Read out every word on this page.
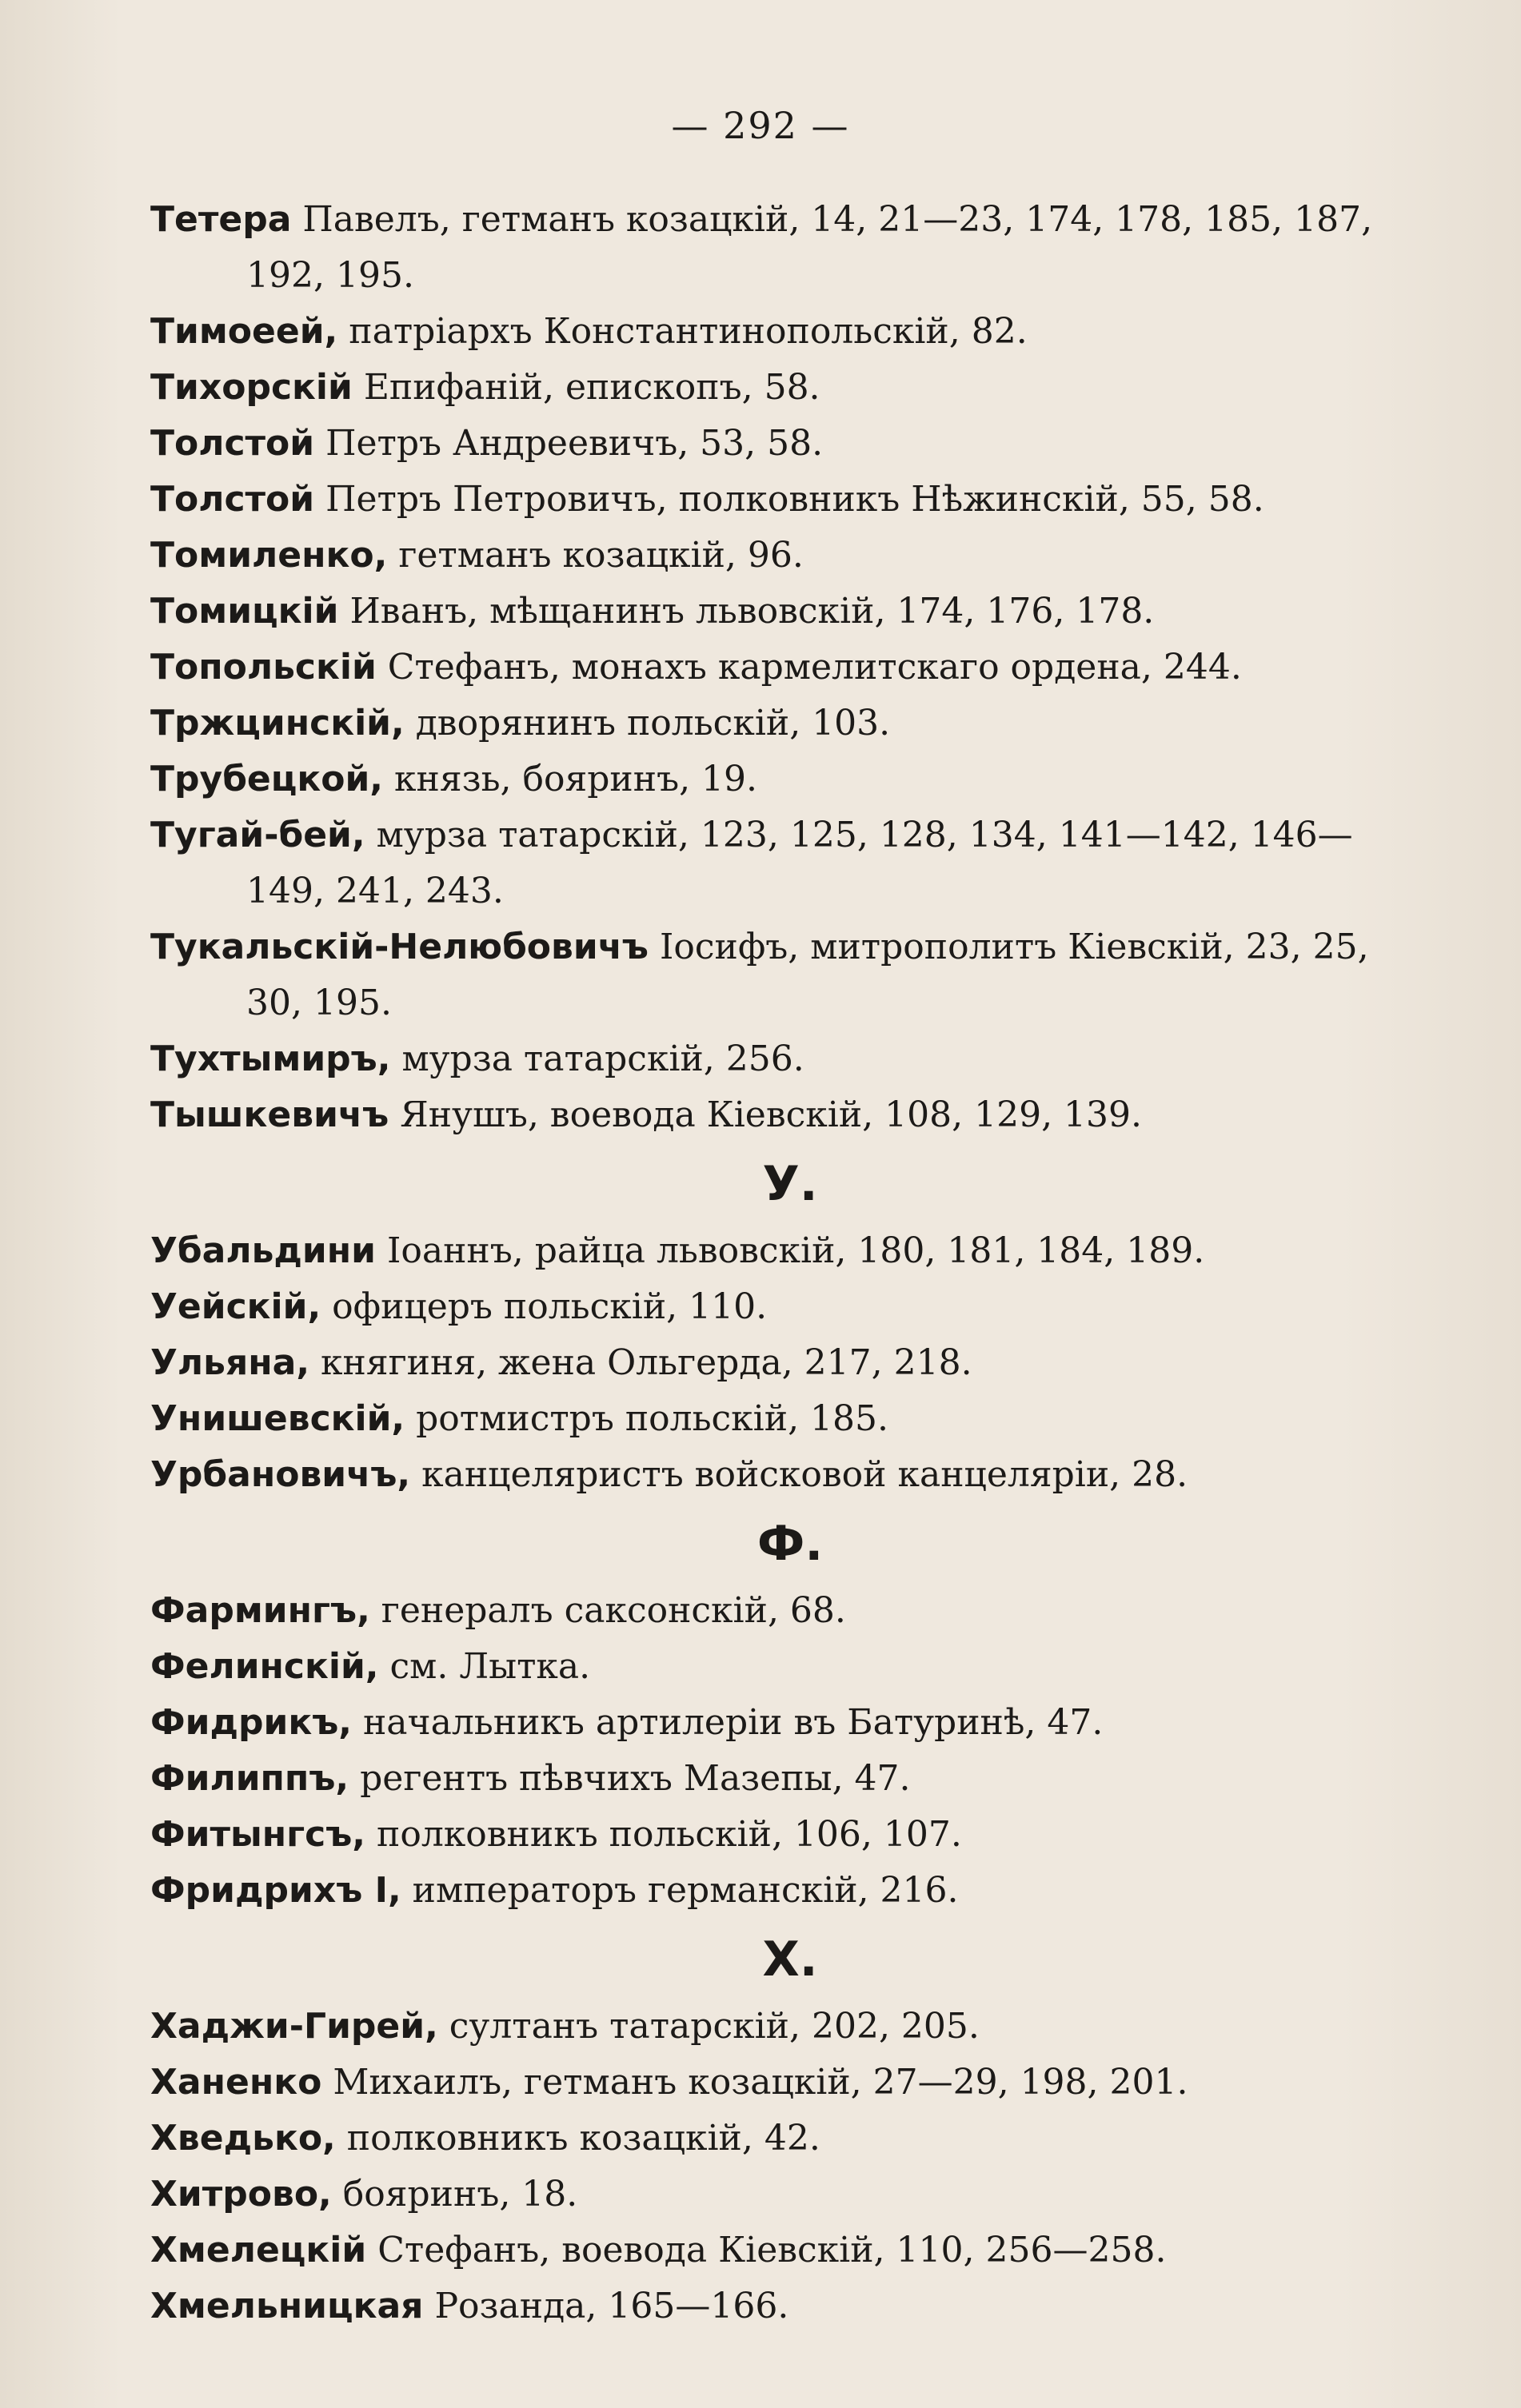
— 292 —
Тетера Павелъ, гетманъ козацкій, 14, 21—23, 174, 178, 185, 187,
192, 195.
Тимоеей, патріархъ Константинопольскій, 82.
Тихорскій Епифаній, епископъ, 58.
Толстой Петръ Андреевичъ, 53, 58.
Толстой Петръ Петровичъ, полковникъ Нѣжинскій, 55, 58.
Томиленко, гетманъ козацкій, 96.
Томицкій Иванъ, мѣщанинъ львовскій, 174, 176, 178.
Топольскій Стефанъ, монахъ кармелитскаго ордена, 244.
Тржцинскій, дворянинъ польскій, 103.
Трубецкой, князь, бояринъ, 19.
Тугай-бей, мурза татарскій, 123, 125, 128, 134, 141—142, 146—
149, 241, 243.
Тукальскій-Нелюбовичъ Іосифъ, митрополитъ Кіевскій, 23, 25,
30, 195.
Тухтымиръ, мурза татарскій, 256.
Тышкевичъ Янушъ, воевода Кіевскій, 108, 129, 139.
У.
Убальдини Іоаннъ, райца львовскій, 180, 181, 184, 189.
Уейскій, офицеръ польскій, 110.
Ульяна, княгиня, жена Ольгерда, 217, 218.
Унишевскій, ротмистръ польскій, 185.
Урбановичъ, канцеляристъ войсковой канцеляріи, 28.
Ф.
Фармингъ, генералъ саксонскій, 68.
Фелинскій, см. Лытка.
Фидрикъ, начальникъ артилеріи въ Батуринѣ, 47.
Филиппъ, регентъ пѣвчихъ Мазепы, 47.
Фитынгсъ, полковникъ польскій, 106, 107.
Фридрихъ I, императоръ германскій, 216.
X.
Хаджи-Гирей, султанъ татарскій, 202, 205.
Ханенко Михаилъ, гетманъ козацкій, 27—29, 198, 201.
Хведько, полковникъ козацкій, 42.
Хитрово, бояринъ, 18.
Хмелецкій Стефанъ, воевода Кіевскій, 110, 256—258.
Хмельницкая Розанда, 165—166.
